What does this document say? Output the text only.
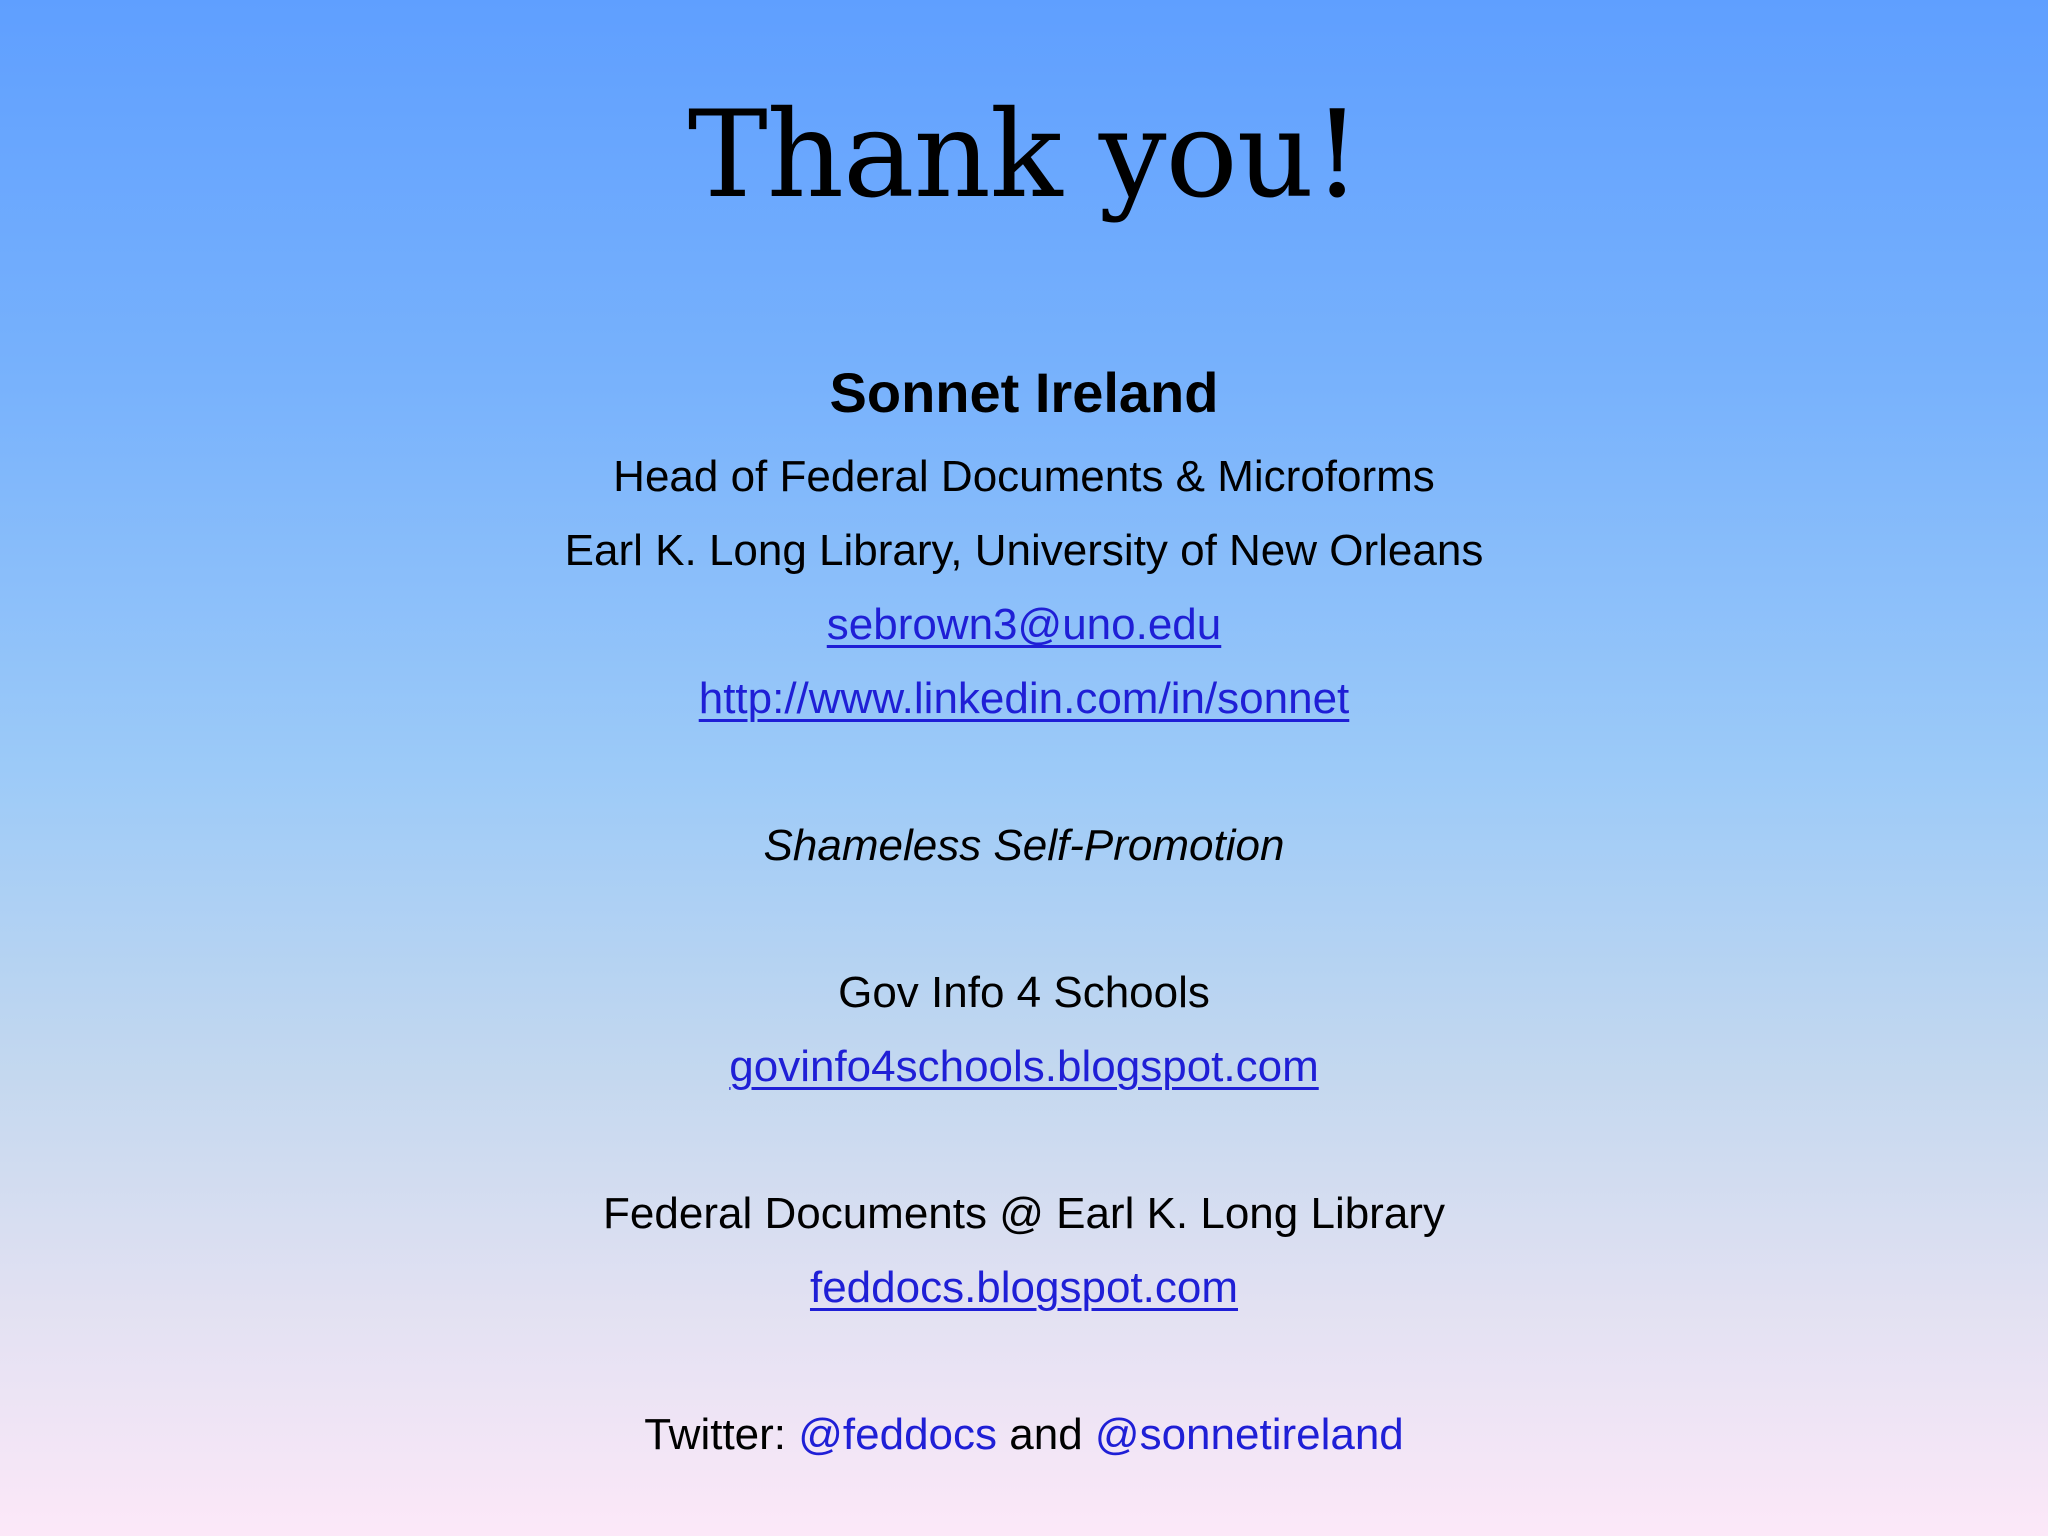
Thank you!
Sonnet Ireland
Head of Federal Documents & Microforms
Earl K. Long Library, University of New Orleans
sebrown3@uno.edu
http://www.linkedin.com/in/sonnet
Shameless Self-Promotion
Gov Info 4 Schools
govinfo4schools.blogspot.com
Federal Documents @ Earl K. Long Library
feddocs.blogspot.com
Twitter: @feddocs and @sonnetireland
